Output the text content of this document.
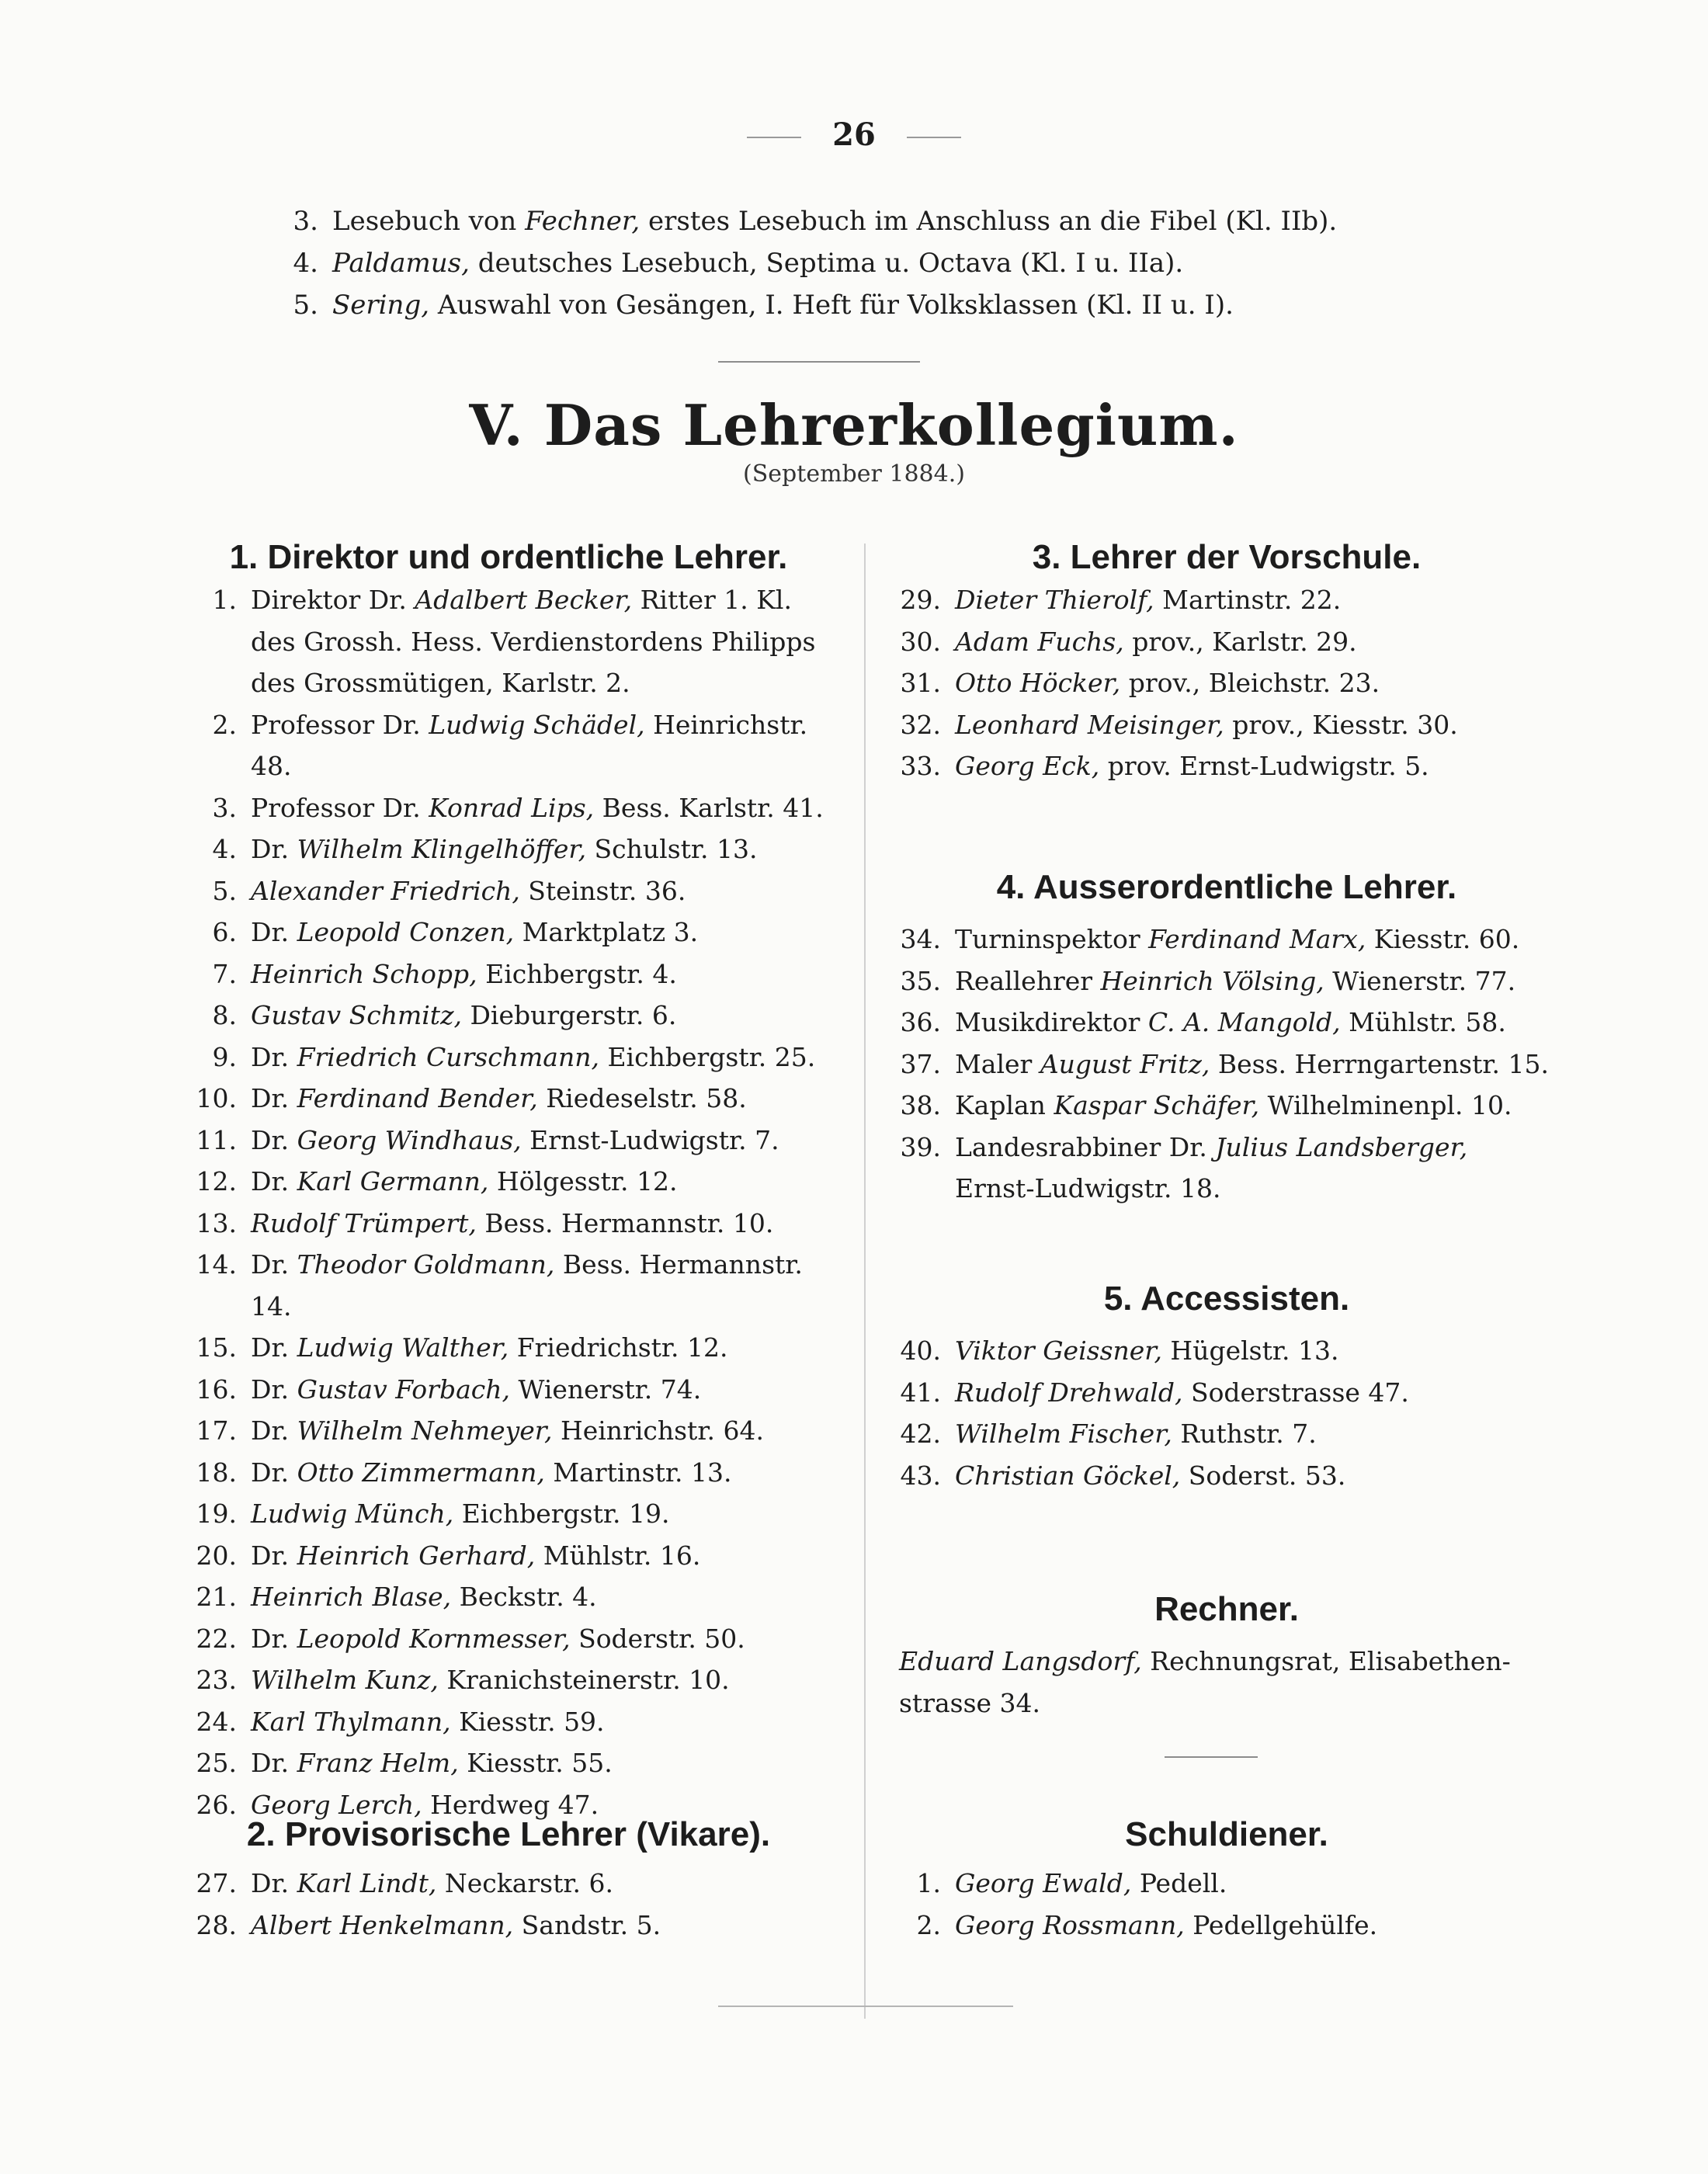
26
3. Lesebuch von Fechner, erstes Lesebuch im Anschluss an die Fibel (Kl. IIb).
4. Paldamus, deutsches Lesebuch, Septima u. Octava (Kl. I u. IIa).
5. Sering, Auswahl von Gesängen, I. Heft für Volksklassen (Kl. II u. I).
V. Das Lehrerkollegium.
(September 1884.)
1. Direktor und ordentliche Lehrer.
1. Direktor Dr. Adalbert Becker, Ritter 1. Kl.
des Grossh. Hess. Verdienstordens Philipps
des Grossmütigen, Karlstr. 2.
2. Professor Dr. Ludwig Schädel, Heinrichstr. 48.
3. Professor Dr. Konrad Lips, Bess. Karlstr. 41.
4. Dr. Wilhelm Klingelhöffer, Schulstr. 13.
5. Alexander Friedrich, Steinstr. 36.
6. Dr. Leopold Conzen, Marktplatz 3.
7. Heinrich Schopp, Eichbergstr. 4.
8. Gustav Schmitz, Dieburgerstr. 6.
9. Dr. Friedrich Curschmann, Eichbergstr. 25.
10. Dr. Ferdinand Bender, Riedeselstr. 58.
11. Dr. Georg Windhaus, Ernst-Ludwigstr. 7.
12. Dr. Karl Germann, Hölgesstr. 12.
13. Rudolf Trümpert, Bess. Hermannstr. 10.
14. Dr. Theodor Goldmann, Bess. Hermannstr. 14.
15. Dr. Ludwig Walther, Friedrichstr. 12.
16. Dr. Gustav Forbach, Wienerstr. 74.
17. Dr. Wilhelm Nehmeyer, Heinrichstr. 64.
18. Dr. Otto Zimmermann, Martinstr. 13.
19. Ludwig Münch, Eichbergstr. 19.
20. Dr. Heinrich Gerhard, Mühlstr. 16.
21. Heinrich Blase, Beckstr. 4.
22. Dr. Leopold Kornmesser, Soderstr. 50.
23. Wilhelm Kunz, Kranichsteinerstr. 10.
24. Karl Thylmann, Kiesstr. 59.
25. Dr. Franz Helm, Kiesstr. 55.
26. Georg Lerch, Herdweg 47.
2. Provisorische Lehrer (Vikare).
27. Dr. Karl Lindt, Neckarstr. 6.
28. Albert Henkelmann, Sandstr. 5.
3. Lehrer der Vorschule.
29. Dieter Thierolf, Martinstr. 22.
30. Adam Fuchs, prov., Karlstr. 29.
31. Otto Höcker, prov., Bleichstr. 23.
32. Leonhard Meisinger, prov., Kiesstr. 30.
33. Georg Eck, prov. Ernst-Ludwigstr. 5.
4. Ausserordentliche Lehrer.
34. Turninspektor Ferdinand Marx, Kiesstr. 60.
35. Reallehrer Heinrich Völsing, Wienerstr. 77.
36. Musikdirektor C. A. Mangold, Mühlstr. 58.
37. Maler August Fritz, Bess. Herrngartenstr. 15.
38. Kaplan Kaspar Schäfer, Wilhelminenpl. 10.
39. Landesrabbiner Dr. Julius Landsberger,
Ernst-Ludwigstr. 18.
5. Accessisten.
40. Viktor Geissner, Hügelstr. 13.
41. Rudolf Drehwald, Soderstrasse 47.
42. Wilhelm Fischer, Ruthstr. 7.
43. Christian Göckel, Soderst. 53.
Rechner.
Eduard Langsdorf, Rechnungsrat, Elisabethen-
strasse 34.
Schuldiener.
1. Georg Ewald, Pedell.
2. Georg Rossmann, Pedellgehülfe.
